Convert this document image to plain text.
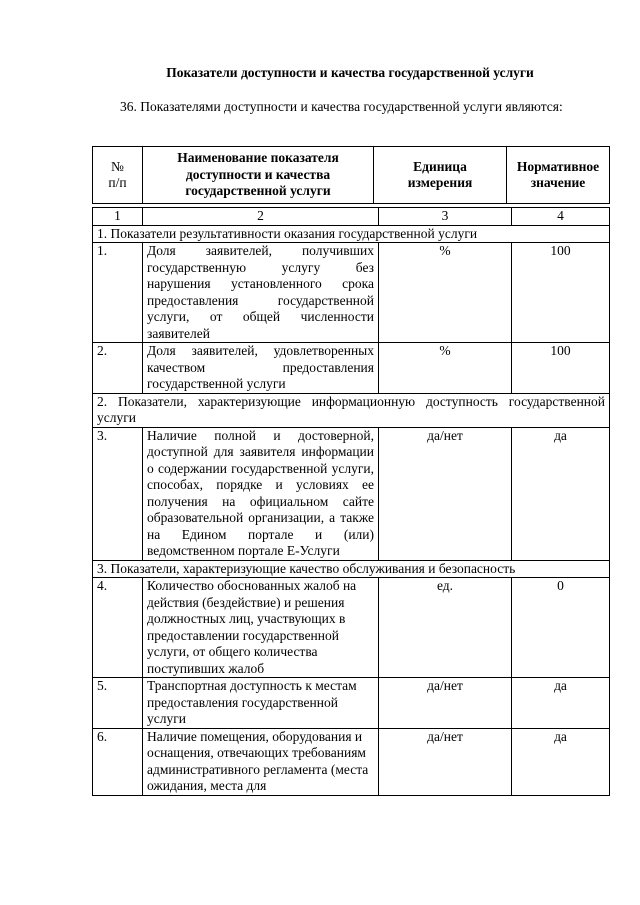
Показатели доступности и качества государственной услуги
36. Показателями доступности и качества государственной услуги являются:
№ п/п	Наименование показателя доступности и качества государственной услуги	Единица измерения	Нормативное значение
1	2	3	4
1. Показатели результативности оказания государственной услуги			
1.	Доля заявителей, получивших государственную услугу без нарушения установленного срока предоставления государственной услуги, от общей численности заявителей	%	100
2.	Доля заявителей, удовлетворенных качеством предоставления государственной услуги	%	100
2. Показатели, характеризующие информационную доступность государственной услуги			
3.	Наличие полной и достоверной, доступной для заявителя информации о содержании государственной услуги, способах, порядке и условиях ее получения на официальном сайте образовательной организации, а также на Едином портале и (или) ведомственном портале Е-Услуги	да/нет	да
3. Показатели, характеризующие качество обслуживания и безопасность			
4.	Количество обоснованных жалоб на действия (бездействие) и решения должностных лиц, участвующих в предоставлении государственной услуги, от общего количества поступивших жалоб	ед.	0
5.	Транспортная доступность к местам предоставления государственной услуги	да/нет	да
6.	Наличие помещения, оборудования и оснащения, отвечающих требованиям административного регламента (места ожидания, места для	да/нет	да
